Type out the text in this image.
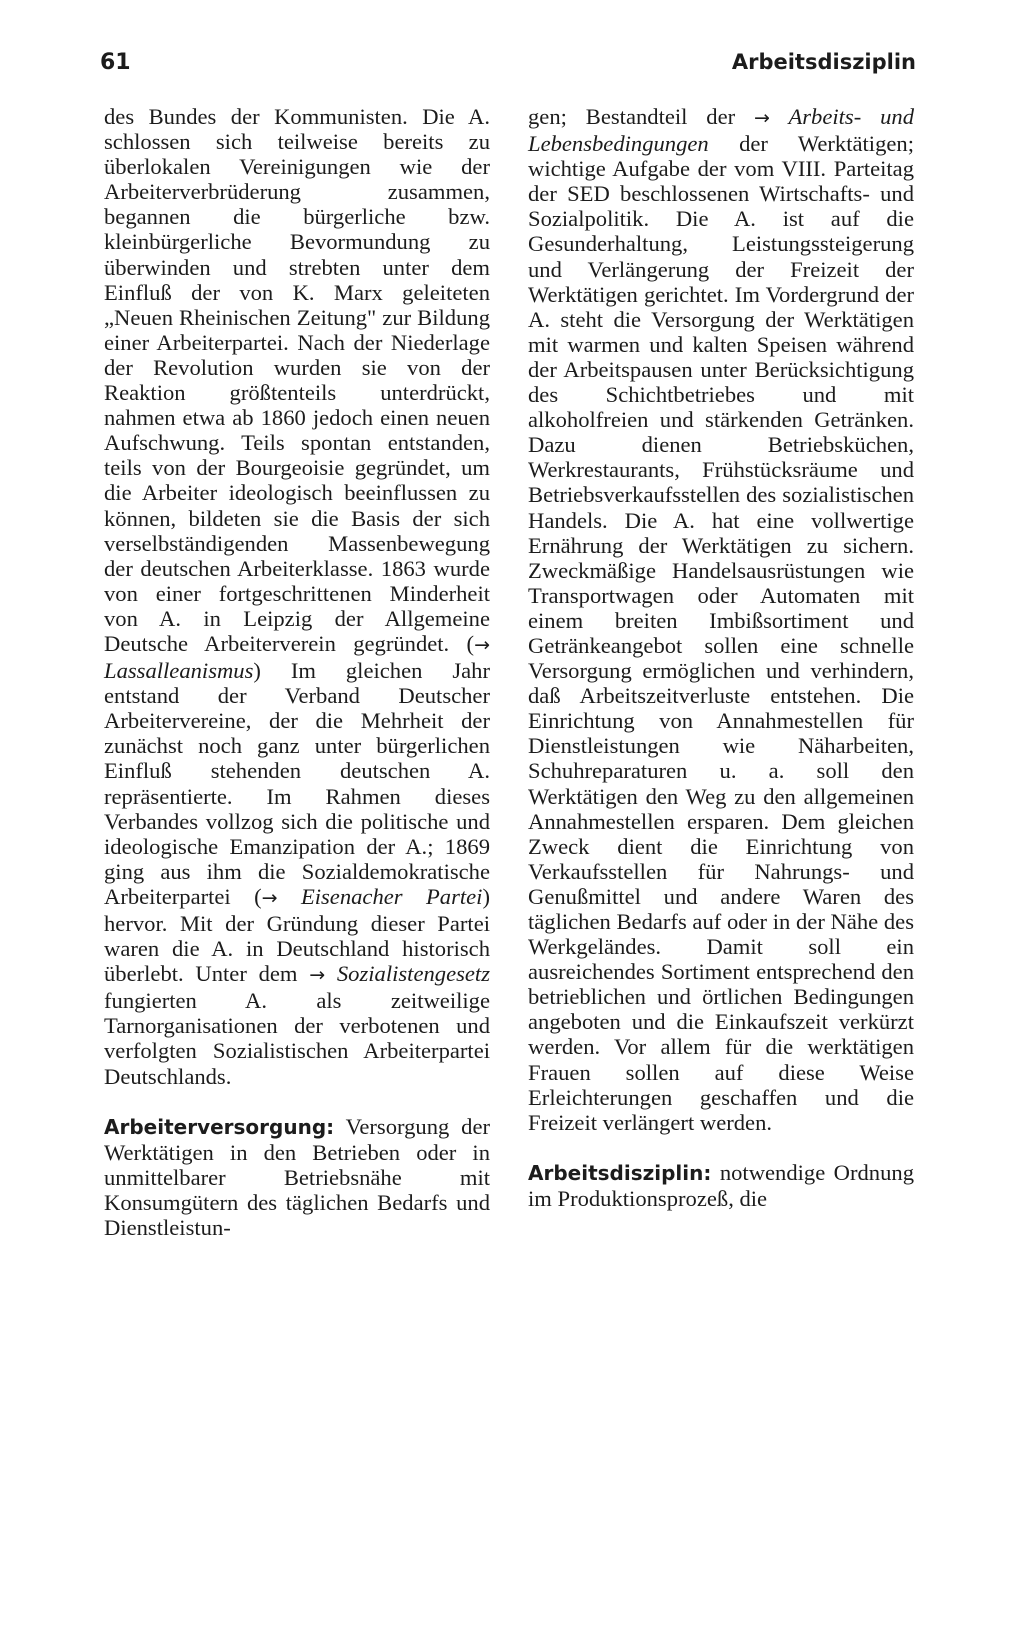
61	Arbeitsdisziplin

des Bundes der Kommunisten. Die A. schlossen sich teilweise bereits zu überlokalen Vereinigungen wie der Arbeiterverbrüderung zusammen, begannen die bürgerliche bzw. kleinbürgerliche Bevormundung zu überwinden und strebten unter dem Einfluß der von K. Marx geleiteten „Neuen Rheinischen Zeitung" zur Bildung einer Arbeiterpartei. Nach der Niederlage der Revolution wurden sie von der Reaktion größtenteils unterdrückt, nahmen etwa ab 1860 jedoch einen neuen Aufschwung. Teils spontan entstanden, teils von der Bourgeoisie gegründet, um die Arbeiter ideologisch beeinflussen zu können, bildeten sie die Basis der sich verselbständigenden Massenbewegung der deutschen Arbeiterklasse. 1863 wurde von einer fortgeschrittenen Minderheit von A. in Leipzig der Allgemeine Deutsche Arbeiterverein gegründet. (→ Lassalleanismus) Im gleichen Jahr entstand der Verband Deutscher Arbeitervereine, der die Mehrheit der zunächst noch ganz unter bürgerlichen Einfluß stehenden deutschen A. repräsentierte. Im Rahmen dieses Verbandes vollzog sich die politische und ideologische Emanzipation der A.; 1869 ging aus ihm die Sozialdemokratische Arbeiterpartei (→ Eisenacher Partei) hervor. Mit der Gründung dieser Partei waren die A. in Deutschland historisch überlebt. Unter dem → Sozialistengesetz fungierten A. als zeitweilige Tarnorganisationen der verbotenen und verfolgten Sozialistischen Arbeiterpartei Deutschlands.

Arbeiterversorgung: Versorgung der Werktätigen in den Betrieben oder in unmittelbarer Betriebsnähe mit Konsumgütern des täglichen Bedarfs und Dienstleistun-

gen; Bestandteil der → Arbeits- und Lebensbedingungen der Werktätigen; wichtige Aufgabe der vom VIII. Parteitag der SED beschlossenen Wirtschafts- und Sozialpolitik. Die A. ist auf die Gesunderhaltung, Leistungssteigerung und Verlängerung der Freizeit der Werktätigen gerichtet. Im Vordergrund der A. steht die Versorgung der Werktätigen mit warmen und kalten Speisen während der Arbeitspausen unter Berücksichtigung des Schichtbetriebes und mit alkoholfreien und stärkenden Getränken. Dazu dienen Betriebsküchen, Werkrestaurants, Frühstücksräume und Betriebsverkaufsstellen des sozialistischen Handels. Die A. hat eine vollwertige Ernährung der Werktätigen zu sichern. Zweckmäßige Handelsausrüstungen wie Transportwagen oder Automaten mit einem breiten Imbißsortiment und Getränkeangebot sollen eine schnelle Versorgung ermöglichen und verhindern, daß Arbeitszeitverluste entstehen. Die Einrichtung von Annahmestellen für Dienstleistungen wie Näharbeiten, Schuhreparaturen u. a. soll den Werktätigen den Weg zu den allgemeinen Annahmestellen ersparen. Dem gleichen Zweck dient die Einrichtung von Verkaufsstellen für Nahrungs- und Genußmittel und andere Waren des täglichen Bedarfs auf oder in der Nähe des Werkgeländes. Damit soll ein ausreichendes Sortiment entsprechend den betrieblichen und örtlichen Bedingungen angeboten und die Einkaufszeit verkürzt werden. Vor allem für die werktätigen Frauen sollen auf diese Weise Erleichterungen geschaffen und die Freizeit verlängert werden.

Arbeitsdisziplin: notwendige Ordnung im Produktionsprozeß, die
